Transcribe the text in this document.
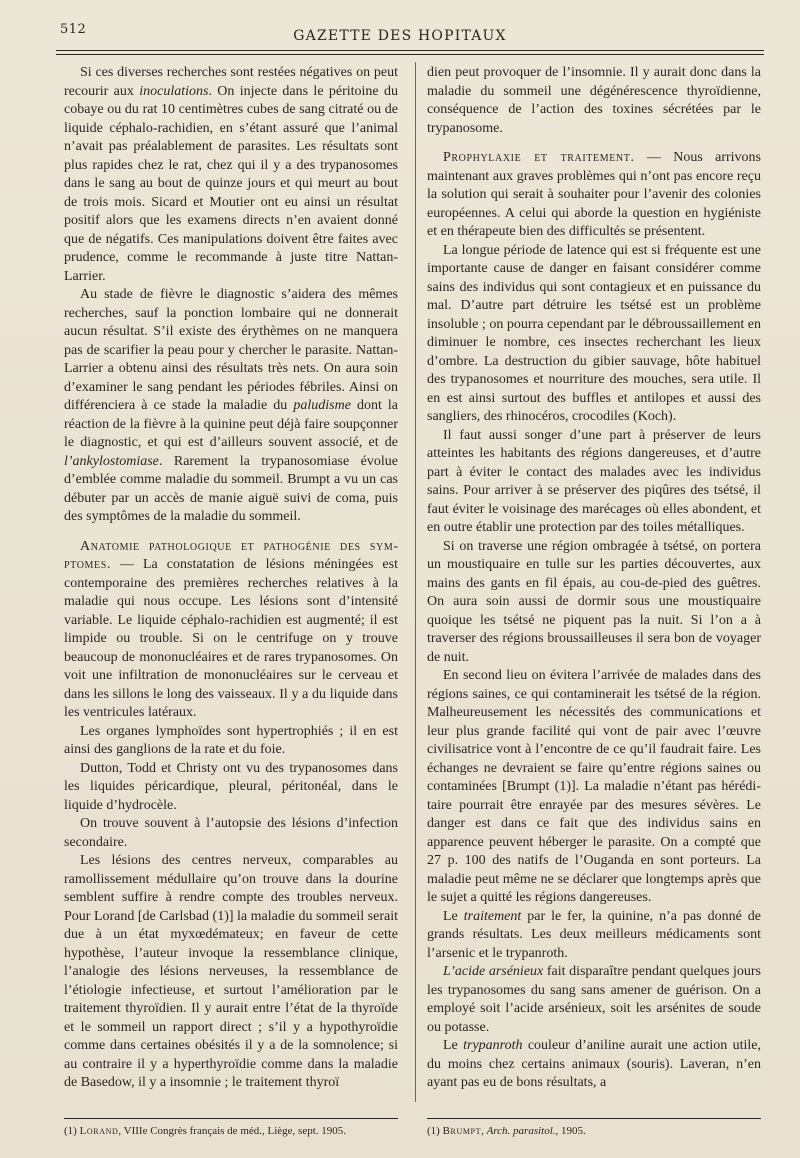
512	GAZETTE DES HOPITAUX

Si ces diverses recherches sont restées négatives on peut recourir aux inoculations. On injecte dans le péritoine du cobaye ou du rat 10 centimètres cubes de sang citraté ou de liquide céphalo-rachidien, en s’étant assuré que l’animal n’avait pas préalablement de parasites. Les résultats sont plus rapides chez le rat, chez qui il y a des trypanosomes dans le sang au bout de quinze jours et qui meurt au bout de trois mois. Sicard et Moutier ont eu ainsi un résultat positif alors que les examens directs n’en avaient donné que de négatifs. Ces manipulations doivent être faites avec prudence, comme le recommande à juste titre Nattan-Larrier.

Au stade de fièvre le diagnostic s’aidera des mêmes recherches, sauf la ponction lombaire qui ne donnerait aucun résultat. S’il existe des érythèmes on ne manquera pas de scarifier la peau pour y chercher le parasite. Nattan-Larrier a obtenu ainsi des résultats très nets. On aura soin d’examiner le sang pendant les périodes fébriles. Ainsi on différenciera à ce stade la maladie du paludisme dont la réaction de la fièvre à la quinine peut déjà faire soupçonner le diagnostic, et qui est d’ailleurs souvent associé, et de l’ankylostomiase. Rarement la trypanosomiase évolue d’emblée comme maladie du sommeil. Brumpt a vu un cas débuter par un accès de manie aiguë suivi de coma, puis des symptômes de la maladie du sommeil.

Anatomie pathologique et pathogénie des symptomes. — La constatation de lésions méningées est contemporaine des premières recherches relatives à la maladie qui nous occupe. Les lésions sont d’intensité variable. Le liquide céphalo-rachidien est augmenté; il est limpide ou trouble. Si on le centrifuge on y trouve beaucoup de mononucléaires et de rares trypanosomes. On voit une infiltration de mononucléaires sur le cerveau et dans les sillons le long des vaisseaux. Il y a du liquide dans les ventricules latéraux.

Les organes lymphoïdes sont hypertrophiés ; il en est ainsi des ganglions de la rate et du foie.

Dutton, Todd et Christy ont vu des trypanosomes dans les liquides péricardique, pleural, péritonéal, dans le liquide d’hydrocèle.

On trouve souvent à l’autopsie des lésions d’infection secondaire.

Les lésions des centres nerveux, comparables au ramollissement médullaire qu’on trouve dans la dourine semblent suffire à rendre compte des troubles nerveux. Pour Lorand [de Carlsbad (1)] la maladie du sommeil serait due à un état myxœdémateux; en faveur de cette hypothèse, l’auteur invoque la ressemblance clinique, l’analogie des lésions nerveuses, la ressemblance de l’étiologie infectieuse, et surtout l’amélioration par le traitement thyroïdien. Il y aurait entre l’état de la thyroïde et le sommeil un rapport direct ; s’il y a hypothyroïdie comme dans certaines obésités il y a de la somnolence; si au contraire il y a hyperthyroïdie comme dans la maladie de Basedow, il y a insomnie ; le traitement thyroï

dien peut provoquer de l’insomnie. Il y aurait donc dans la maladie du sommeil une dégénérescence thyroïdienne, conséquence de l’action des toxines sécrétées par le trypanosome.

Prophylaxie et traitement. — Nous arrivons maintenant aux graves problèmes qui n’ont pas encore reçu la solution qui serait à souhaiter pour l’avenir des colonies européennes. A celui qui aborde la question en hygiéniste et en thérapeute bien des difficultés se présentent.

La longue période de latence qui est si fréquente est une importante cause de danger en faisant considérer comme sains des individus qui sont contagieux et en puissance du mal. D’autre part détruire les tsétsé est un problème insoluble ; on pourra cependant par le débroussaillement en diminuer le nombre, ces insectes recherchant les lieux d’ombre. La destruction du gibier sauvage, hôte habituel des trypanosomes et nourriture des mouches, sera utile. Il en est ainsi surtout des buffles et antilopes et aussi des sangliers, des rhinocéros, crocodiles (Koch).

Il faut aussi songer d’une part à préserver de leurs atteintes les habitants des régions dangereuses, et d’autre part à éviter le contact des malades avec les individus sains. Pour arriver à se préserver des piqûres des tsétsé, il faut éviter le voisinage des marécages où elles abondent, et en outre établir une protection par des toiles métalliques.

Si on traverse une région ombragée à tsétsé, on portera un moustiquaire en tulle sur les parties découvertes, aux mains des gants en fil épais, au cou-de-pied des guêtres. On aura soin aussi de dormir sous une moustiquaire quoique les tsétsé ne piquent pas la nuit. Si l’on a à traverser des régions broussailleuses il sera bon de voyager de nuit.

En second lieu on évitera l’arrivée de malades dans des régions saines, ce qui contaminerait les tsétsé de la région. Malheureusement les nécessités des communications et leur plus grande facilité qui vont de pair avec l’œuvre civilisatrice vont à l’encontre de ce qu’il faudrait faire. Les échanges ne devraient se faire qu’entre régions saines ou contaminées [Brumpt (1)]. La maladie n’étant pas héréditaire pourrait être enrayée par des mesures sévères. Le danger est dans ce fait que des individus sains en apparence peuvent héberger le parasite. On a compté que 27 p. 100 des natifs de l’Ouganda en sont porteurs. La maladie peut même ne se déclarer que longtemps après que le sujet a quitté les régions dangereuses.

Le traitement par le fer, la quinine, n’a pas donné de grands résultats. Les deux meilleurs médicaments sont l’arsenic et le trypanroth.

L’acide arsénieux fait disparaître pendant quelques jours les trypanosomes du sang sans amener de guérison. On a employé soit l’acide arsénieux, soit les arsénites de soude ou potasse.

Le trypanroth couleur d’aniline aurait une action utile, du moins chez certains animaux (souris). Laveran, n’en ayant pas eu de bons résultats, a

(1) Lorand, VIIIe Congrès français de méd., Liège, sept. 1905.	(1) Brumpt, Arch. parasitol., 1905.
